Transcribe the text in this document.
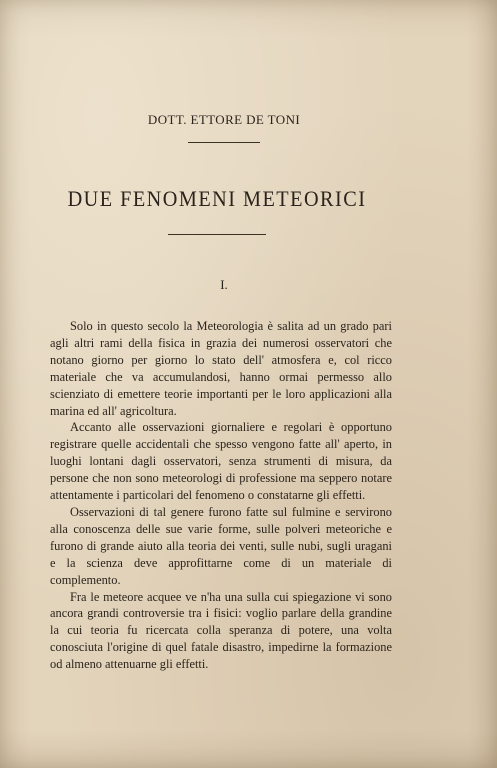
DOTT. ETTORE DE TONI
DUE FENOMENI METEORICI
I.

Solo in questo secolo la Meteorologia è salita ad un grado pari agli altri rami della fisica in grazia dei numerosi osservatori che notano giorno per giorno lo stato dell' atmosfera e, col ricco materiale che va accumulandosi, hanno ormai permesso allo scienziato di emettere teorie importanti per le loro applicazioni alla marina ed all' agricoltura.

Accanto alle osservazioni giornaliere e regolari è opportuno registrare quelle accidentali che spesso vengono fatte all' aperto, in luoghi lontani dagli osservatori, senza strumenti di misura, da persone che non sono meteorologi di professione ma seppero notare attentamente i particolari del fenomeno o constatarne gli effetti.

Osservazioni di tal genere furono fatte sul fulmine e servirono alla conoscenza delle sue varie forme, sulle polveri meteoriche e furono di grande aiuto alla teoria dei venti, sulle nubi, sugli uragani e la scienza deve approfittarne come di un materiale di complemento.

Fra le meteore acquee ve n'ha una sulla cui spiegazione vi sono ancora grandi controversie tra i fisici: voglio parlare della grandine la cui teoria fu ricercata colla speranza di potere, una volta conosciuta l'origine di quel fatale disastro, impedirne la formazione od almeno attenuarne gli effetti.
